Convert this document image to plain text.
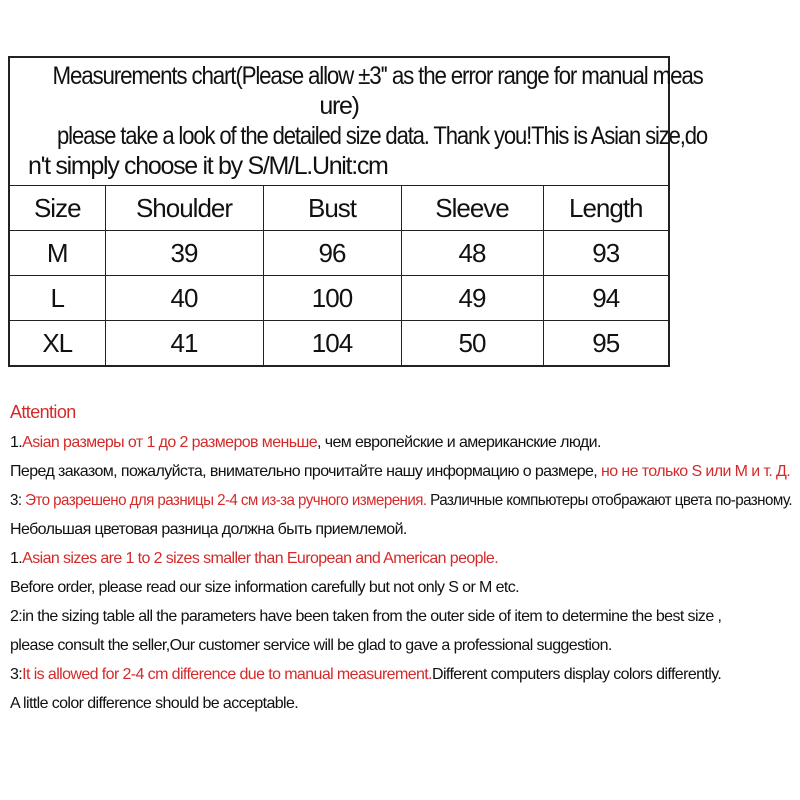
Measurements chart(Please allow ±3'' as the error range for manual meas
ure)
please take a look of the detailed size data. Thank you!This is Asian size,do
n't simply choose it by S/M/L.Unit:cm
Size	Shoulder	Bust	Sleeve	Length
M	39	96	48	93
L	40	100	49	94
XL	41	104	50	95
Attention
1.Asian размеры от 1 до 2 размеров меньше, чем европейские и американские люди.
Перед заказом, пожалуйста, внимательно прочитайте нашу информацию о размере, но не только S или М и т. Д.
3: Это разрешено для разницы 2-4 см из-за ручного измерения. Различные компьютеры отображают цвета по-разному.
Небольшая цветовая разница должна быть приемлемой.
1.Asian sizes are 1 to 2 sizes smaller than European and American people.
Before order, please read our size information carefully but not only S or M etc.
2:in the sizing table all the parameters have been taken from the outer side of item to determine the best size ,
please consult the seller,Our customer service will be glad to gave a professional suggestion.
3:It is allowed for 2-4 cm difference due to manual measurement.Different computers display colors differently.
A little color difference should be acceptable.
